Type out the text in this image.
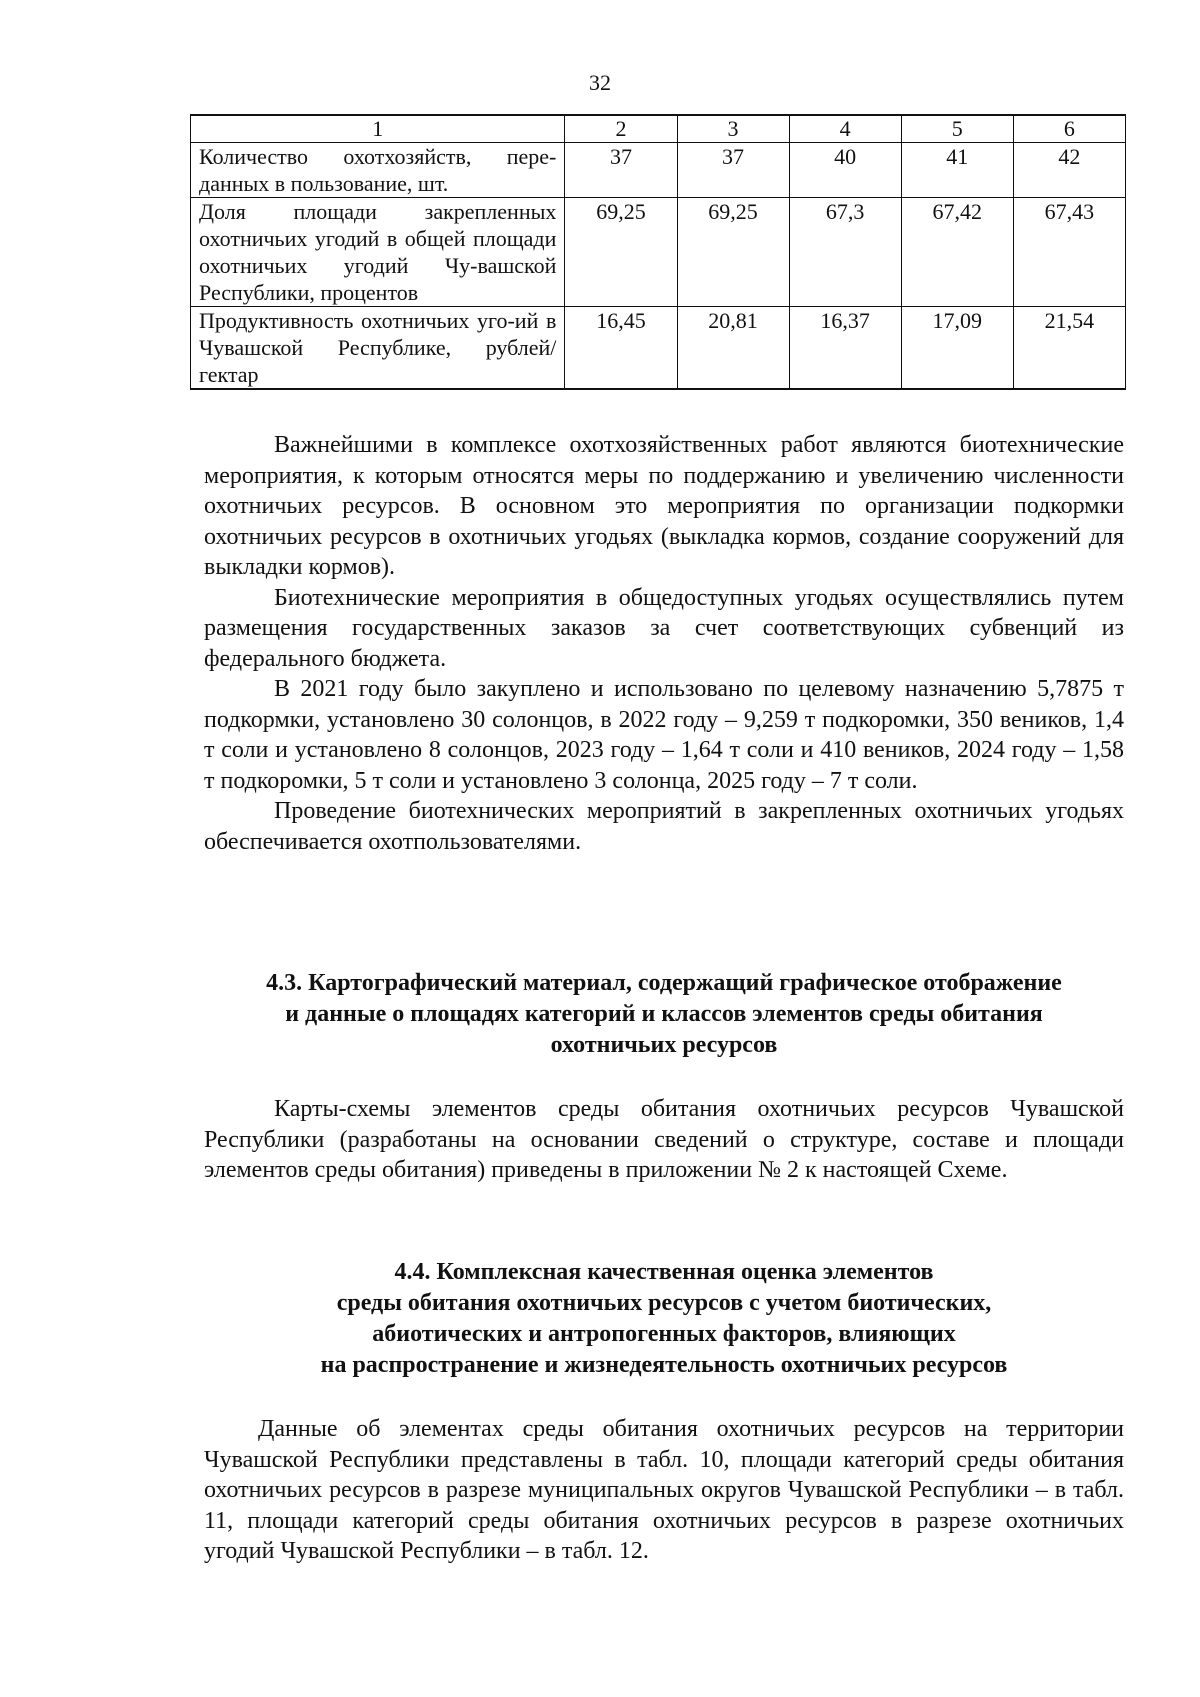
32
1	2	3	4	5	6
Количество охотхозяйств, пере-данных в пользование, шт.	37	37	40	41	42
Доля площади закрепленных охотничьих угодий в общей площади охотничьих угодий Чу-вашской Республики, процентов	69,25	69,25	67,3	67,42	67,43
Продуктивность охотничьих уго-ий в Чувашской Республике, рублей/гектар	16,45	20,81	16,37	17,09	21,54

Важнейшими в комплексе охотхозяйственных работ являются биотехнические мероприятия, к которым относятся меры по поддержанию и увеличению численности охотничьих ресурсов. В основном это мероприятия по организации подкормки охотничьих ресурсов в охотничьих угодьях (выкладка кормов, создание сооружений для выкладки кормов).

Биотехнические мероприятия в общедоступных угодьях осуществлялись путем размещения государственных заказов за счет соответствующих субвенций из федерального бюджета.

В 2021 году было закуплено и использовано по целевому назначению 5,7875 т подкормки, установлено 30 солонцов, в 2022 году – 9,259 т подкоромки, 350 веников, 1,4 т соли и установлено 8 солонцов, 2023 году – 1,64 т соли и 410 веников, 2024 году – 1,58 т подкоромки, 5 т соли и установлено 3 солонца, 2025 году – 7 т соли.

Проведение биотехнических мероприятий в закрепленных охотничьих угодьях обеспечивается охотпользователями.

4.3. Картографический материал, содержащий графическое отображение
и данные о площадях категорий и классов элементов среды обитания
охотничьих ресурсов

Карты-схемы элементов среды обитания охотничьих ресурсов Чувашской Республики (разработаны на основании сведений о структуре, составе и площади элементов среды обитания) приведены в приложении № 2 к настоящей Схеме.

4.4. Комплексная качественная оценка элементов
среды обитания охотничьих ресурсов с учетом биотических,
абиотических и антропогенных факторов, влияющих
на распространение и жизнедеятельность охотничьих ресурсов

Данные об элементах среды обитания охотничьих ресурсов на территории Чувашской Республики представлены в табл. 10, площади категорий среды обитания охотничьих ресурсов в разрезе муниципальных округов Чувашской Республики – в табл. 11, площади категорий среды обитания охотничьих ресурсов в разрезе охотничьих угодий Чувашской Республики – в табл. 12.
